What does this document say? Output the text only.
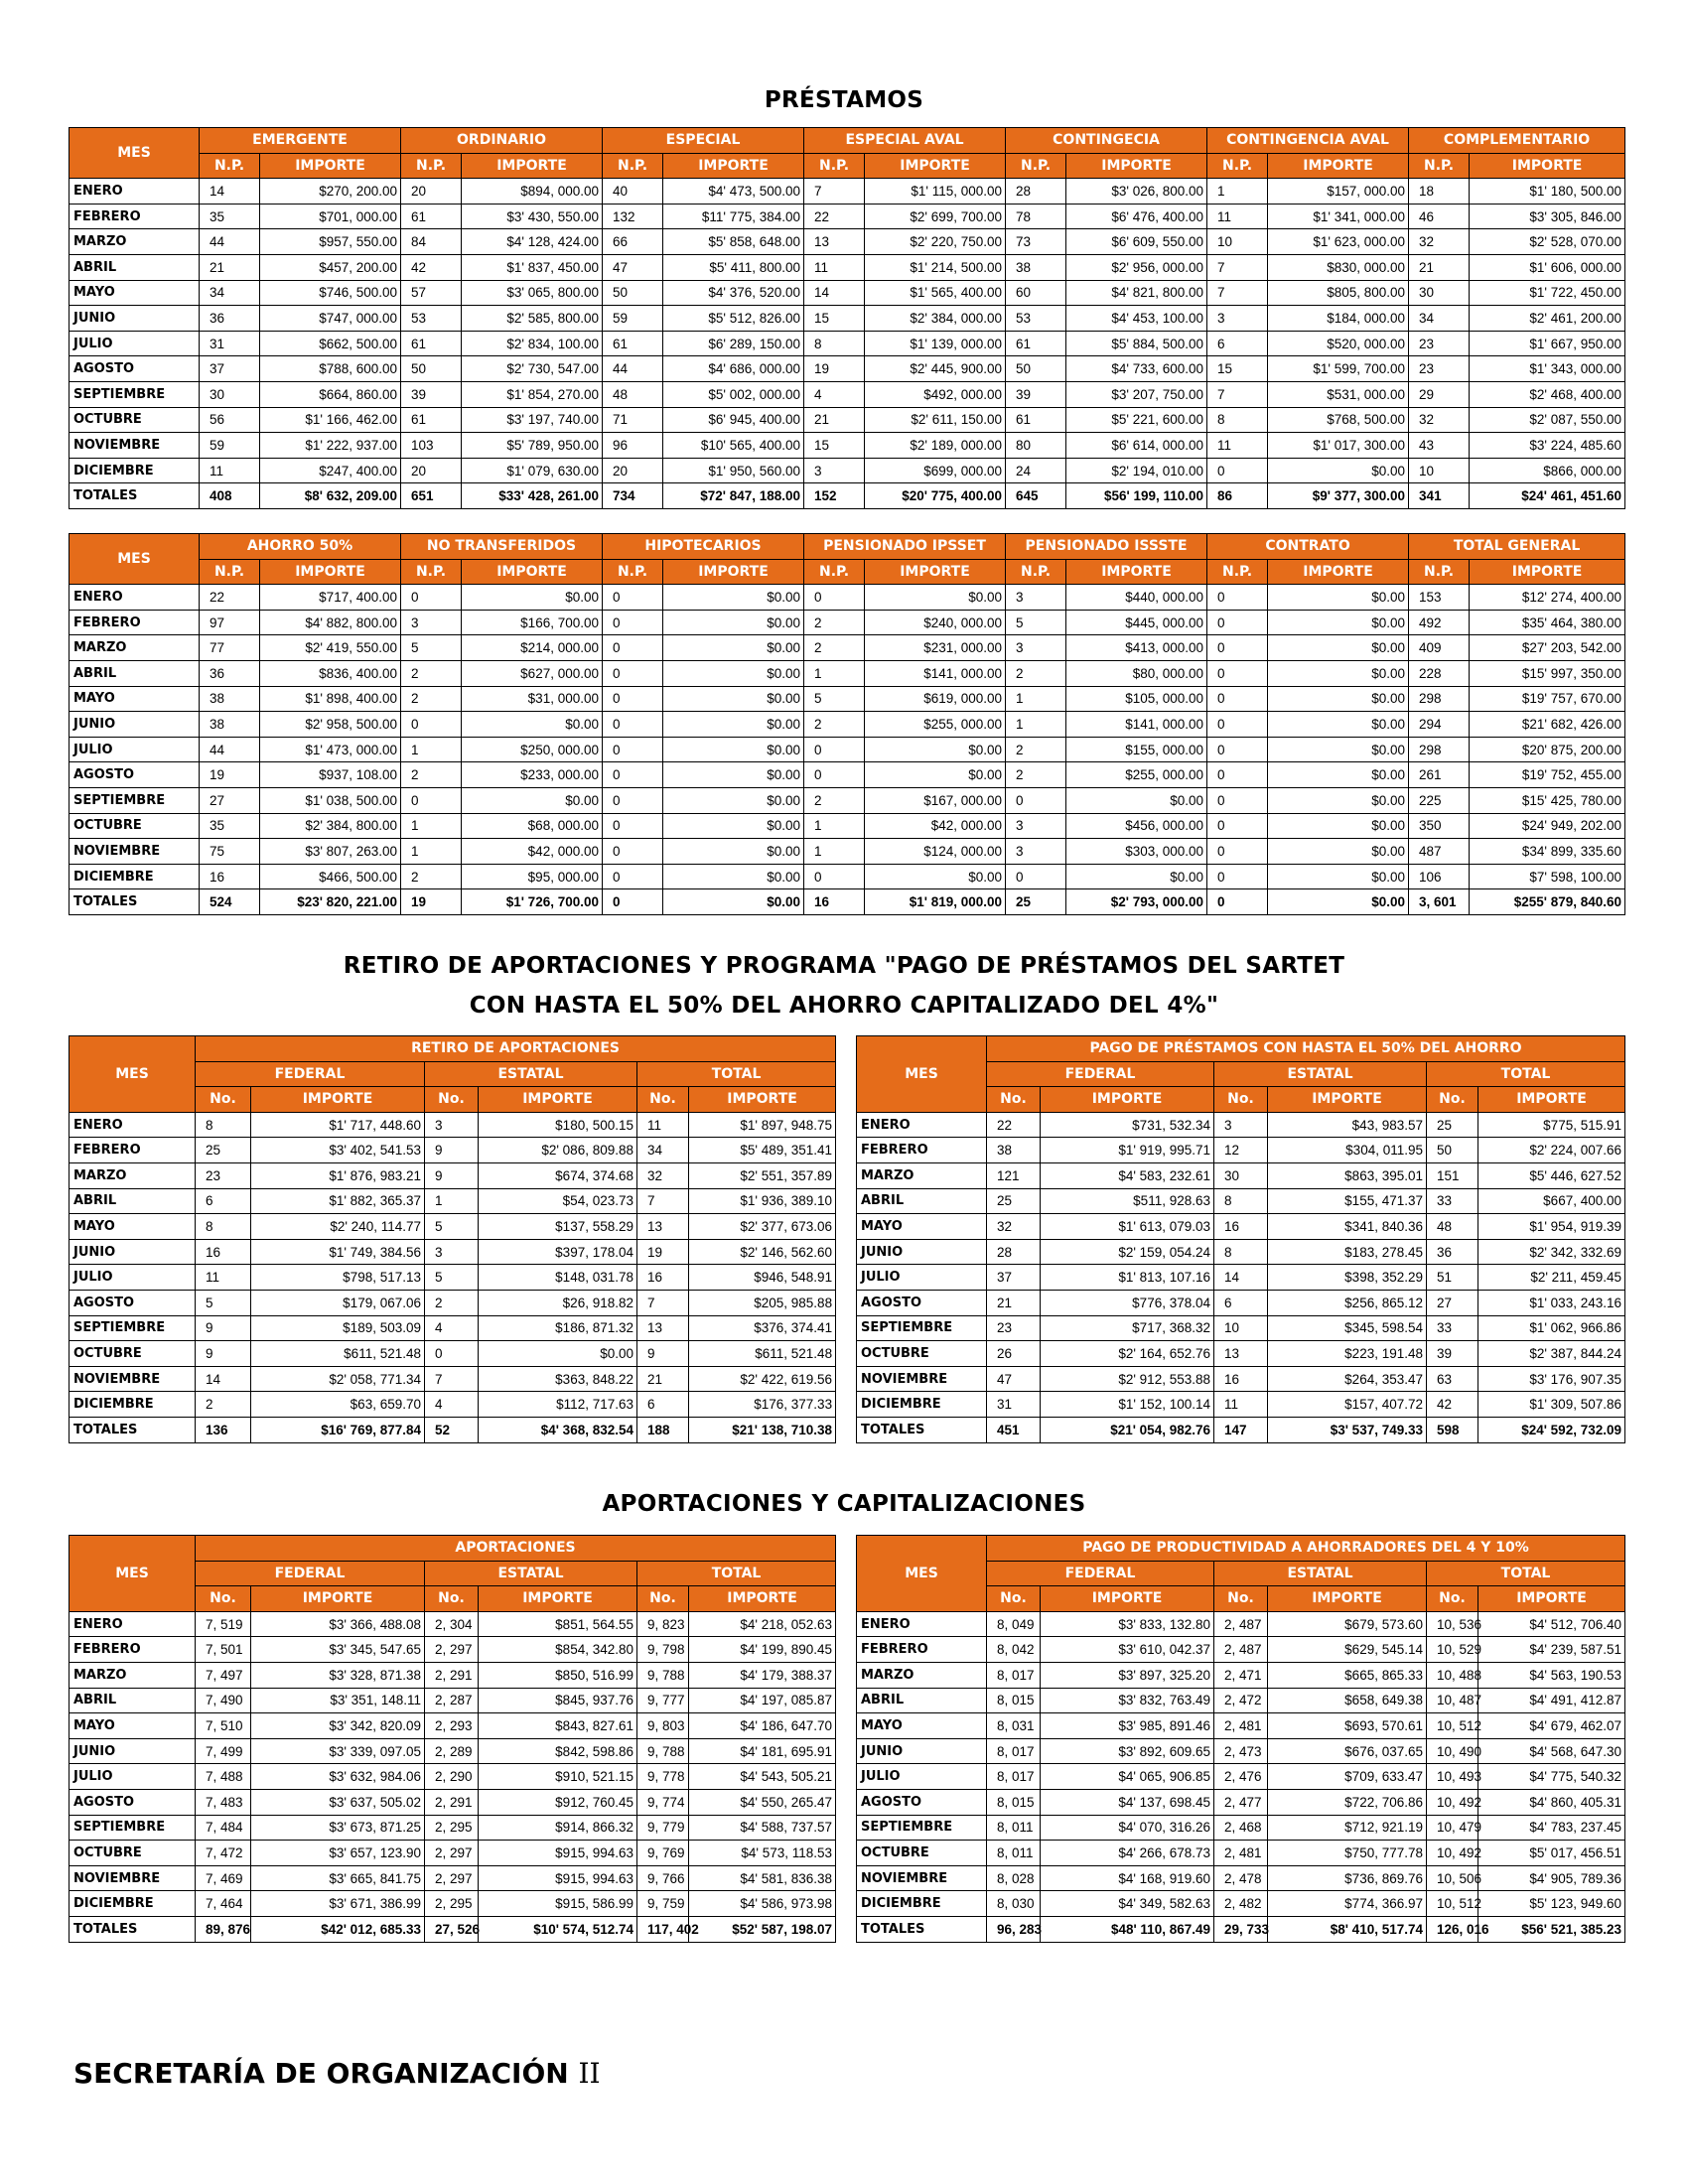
PRÉSTAMOS
MES	EMERGENTE		ORDINARIO		ESPECIAL		ESPECIAL AVAL		CONTINGECIA		CONTINGENCIA AVAL		COMPLEMENTARIO	
	N.P.	IMPORTE	N.P.	IMPORTE	N.P.	IMPORTE	N.P.	IMPORTE	N.P.	IMPORTE	N.P.	IMPORTE	N.P.	IMPORTE
ENERO	14	$270, 200.00	20	$894, 000.00	40	$4' 473, 500.00	7	$1' 115, 000.00	28	$3' 026, 800.00	1	$157, 000.00	18	$1' 180, 500.00
FEBRERO	35	$701, 000.00	61	$3' 430, 550.00	132	$11' 775, 384.00	22	$2' 699, 700.00	78	$6' 476, 400.00	11	$1' 341, 000.00	46	$3' 305, 846.00
MARZO	44	$957, 550.00	84	$4' 128, 424.00	66	$5' 858, 648.00	13	$2' 220, 750.00	73	$6' 609, 550.00	10	$1' 623, 000.00	32	$2' 528, 070.00
ABRIL	21	$457, 200.00	42	$1' 837, 450.00	47	$5' 411, 800.00	11	$1' 214, 500.00	38	$2' 956, 000.00	7	$830, 000.00	21	$1' 606, 000.00
MAYO	34	$746, 500.00	57	$3' 065, 800.00	50	$4' 376, 520.00	14	$1' 565, 400.00	60	$4' 821, 800.00	7	$805, 800.00	30	$1' 722, 450.00
JUNIO	36	$747, 000.00	53	$2' 585, 800.00	59	$5' 512, 826.00	15	$2' 384, 000.00	53	$4' 453, 100.00	3	$184, 000.00	34	$2' 461, 200.00
JULIO	31	$662, 500.00	61	$2' 834, 100.00	61	$6' 289, 150.00	8	$1' 139, 000.00	61	$5' 884, 500.00	6	$520, 000.00	23	$1' 667, 950.00
AGOSTO	37	$788, 600.00	50	$2' 730, 547.00	44	$4' 686, 000.00	19	$2' 445, 900.00	50	$4' 733, 600.00	15	$1' 599, 700.00	23	$1' 343, 000.00
SEPTIEMBRE	30	$664, 860.00	39	$1' 854, 270.00	48	$5' 002, 000.00	4	$492, 000.00	39	$3' 207, 750.00	7	$531, 000.00	29	$2' 468, 400.00
OCTUBRE	56	$1' 166, 462.00	61	$3' 197, 740.00	71	$6' 945, 400.00	21	$2' 611, 150.00	61	$5' 221, 600.00	8	$768, 500.00	32	$2' 087, 550.00
NOVIEMBRE	59	$1' 222, 937.00	103	$5' 789, 950.00	96	$10' 565, 400.00	15	$2' 189, 000.00	80	$6' 614, 000.00	11	$1' 017, 300.00	43	$3' 224, 485.60
DICIEMBRE	11	$247, 400.00	20	$1' 079, 630.00	20	$1' 950, 560.00	3	$699, 000.00	24	$2' 194, 010.00	0	$0.00	10	$866, 000.00
TOTALES	408	$8' 632, 209.00	651	$33' 428, 261.00	734	$72' 847, 188.00	152	$20' 775, 400.00	645	$56' 199, 110.00	86	$9' 377, 300.00	341	$24' 461, 451.60
MES	AHORRO 50%		NO TRANSFERIDOS		HIPOTECARIOS		PENSIONADO IPSSET		PENSIONADO ISSSTE		CONTRATO		TOTAL GENERAL	
	N.P.	IMPORTE	N.P.	IMPORTE	N.P.	IMPORTE	N.P.	IMPORTE	N.P.	IMPORTE	N.P.	IMPORTE	N.P.	IMPORTE
ENERO	22	$717, 400.00	0	$0.00	0	$0.00	0	$0.00	3	$440, 000.00	0	$0.00	153	$12' 274, 400.00
FEBRERO	97	$4' 882, 800.00	3	$166, 700.00	0	$0.00	2	$240, 000.00	5	$445, 000.00	0	$0.00	492	$35' 464, 380.00
MARZO	77	$2' 419, 550.00	5	$214, 000.00	0	$0.00	2	$231, 000.00	3	$413, 000.00	0	$0.00	409	$27' 203, 542.00
ABRIL	36	$836, 400.00	2	$627, 000.00	0	$0.00	1	$141, 000.00	2	$80, 000.00	0	$0.00	228	$15' 997, 350.00
MAYO	38	$1' 898, 400.00	2	$31, 000.00	0	$0.00	5	$619, 000.00	1	$105, 000.00	0	$0.00	298	$19' 757, 670.00
JUNIO	38	$2' 958, 500.00	0	$0.00	0	$0.00	2	$255, 000.00	1	$141, 000.00	0	$0.00	294	$21' 682, 426.00
JULIO	44	$1' 473, 000.00	1	$250, 000.00	0	$0.00	0	$0.00	2	$155, 000.00	0	$0.00	298	$20' 875, 200.00
AGOSTO	19	$937, 108.00	2	$233, 000.00	0	$0.00	0	$0.00	2	$255, 000.00	0	$0.00	261	$19' 752, 455.00
SEPTIEMBRE	27	$1' 038, 500.00	0	$0.00	0	$0.00	2	$167, 000.00	0	$0.00	0	$0.00	225	$15' 425, 780.00
OCTUBRE	35	$2' 384, 800.00	1	$68, 000.00	0	$0.00	1	$42, 000.00	3	$456, 000.00	0	$0.00	350	$24' 949, 202.00
NOVIEMBRE	75	$3' 807, 263.00	1	$42, 000.00	0	$0.00	1	$124, 000.00	3	$303, 000.00	0	$0.00	487	$34' 899, 335.60
DICIEMBRE	16	$466, 500.00	2	$95, 000.00	0	$0.00	0	$0.00	0	$0.00	0	$0.00	106	$7' 598, 100.00
TOTALES	524	$23' 820, 221.00	19	$1' 726, 700.00	0	$0.00	16	$1' 819, 000.00	25	$2' 793, 000.00	0	$0.00	3, 601	$255' 879, 840.60
RETIRO DE APORTACIONES Y PROGRAMA "PAGO DE PRÉSTAMOS DEL SARTET
CON HASTA EL 50% DEL AHORRO CAPITALIZADO DEL 4%"
MES	RETIRO DE APORTACIONES					
	FEDERAL		ESTATAL		TOTAL	
	No.	IMPORTE	No.	IMPORTE	No.	IMPORTE
ENERO	8	$1' 717, 448.60	3	$180, 500.15	11	$1' 897, 948.75
FEBRERO	25	$3' 402, 541.53	9	$2' 086, 809.88	34	$5' 489, 351.41
MARZO	23	$1' 876, 983.21	9	$674, 374.68	32	$2' 551, 357.89
ABRIL	6	$1' 882, 365.37	1	$54, 023.73	7	$1' 936, 389.10
MAYO	8	$2' 240, 114.77	5	$137, 558.29	13	$2' 377, 673.06
JUNIO	16	$1' 749, 384.56	3	$397, 178.04	19	$2' 146, 562.60
JULIO	11	$798, 517.13	5	$148, 031.78	16	$946, 548.91
AGOSTO	5	$179, 067.06	2	$26, 918.82	7	$205, 985.88
SEPTIEMBRE	9	$189, 503.09	4	$186, 871.32	13	$376, 374.41
OCTUBRE	9	$611, 521.48	0	$0.00	9	$611, 521.48
NOVIEMBRE	14	$2' 058, 771.34	7	$363, 848.22	21	$2' 422, 619.56
DICIEMBRE	2	$63, 659.70	4	$112, 717.63	6	$176, 377.33
TOTALES	136	$16' 769, 877.84	52	$4' 368, 832.54	188	$21' 138, 710.38
MES	PAGO DE PRÉSTAMOS CON HASTA EL 50% DEL AHORRO					
	FEDERAL		ESTATAL		TOTAL	
	No.	IMPORTE	No.	IMPORTE	No.	IMPORTE
ENERO	22	$731, 532.34	3	$43, 983.57	25	$775, 515.91
FEBRERO	38	$1' 919, 995.71	12	$304, 011.95	50	$2' 224, 007.66
MARZO	121	$4' 583, 232.61	30	$863, 395.01	151	$5' 446, 627.52
ABRIL	25	$511, 928.63	8	$155, 471.37	33	$667, 400.00
MAYO	32	$1' 613, 079.03	16	$341, 840.36	48	$1' 954, 919.39
JUNIO	28	$2' 159, 054.24	8	$183, 278.45	36	$2' 342, 332.69
JULIO	37	$1' 813, 107.16	14	$398, 352.29	51	$2' 211, 459.45
AGOSTO	21	$776, 378.04	6	$256, 865.12	27	$1' 033, 243.16
SEPTIEMBRE	23	$717, 368.32	10	$345, 598.54	33	$1' 062, 966.86
OCTUBRE	26	$2' 164, 652.76	13	$223, 191.48	39	$2' 387, 844.24
NOVIEMBRE	47	$2' 912, 553.88	16	$264, 353.47	63	$3' 176, 907.35
DICIEMBRE	31	$1' 152, 100.14	11	$157, 407.72	42	$1' 309, 507.86
TOTALES	451	$21' 054, 982.76	147	$3' 537, 749.33	598	$24' 592, 732.09
APORTACIONES Y CAPITALIZACIONES
MES	APORTACIONES					
	FEDERAL		ESTATAL		TOTAL	
	No.	IMPORTE	No.	IMPORTE	No.	IMPORTE
ENERO	7, 519	$3' 366, 488.08	2, 304	$851, 564.55	9, 823	$4' 218, 052.63
FEBRERO	7, 501	$3' 345, 547.65	2, 297	$854, 342.80	9, 798	$4' 199, 890.45
MARZO	7, 497	$3' 328, 871.38	2, 291	$850, 516.99	9, 788	$4' 179, 388.37
ABRIL	7, 490	$3' 351, 148.11	2, 287	$845, 937.76	9, 777	$4' 197, 085.87
MAYO	7, 510	$3' 342, 820.09	2, 293	$843, 827.61	9, 803	$4' 186, 647.70
JUNIO	7, 499	$3' 339, 097.05	2, 289	$842, 598.86	9, 788	$4' 181, 695.91
JULIO	7, 488	$3' 632, 984.06	2, 290	$910, 521.15	9, 778	$4' 543, 505.21
AGOSTO	7, 483	$3' 637, 505.02	2, 291	$912, 760.45	9, 774	$4' 550, 265.47
SEPTIEMBRE	7, 484	$3' 673, 871.25	2, 295	$914, 866.32	9, 779	$4' 588, 737.57
OCTUBRE	7, 472	$3' 657, 123.90	2, 297	$915, 994.63	9, 769	$4' 573, 118.53
NOVIEMBRE	7, 469	$3' 665, 841.75	2, 297	$915, 994.63	9, 766	$4' 581, 836.38
DICIEMBRE	7, 464	$3' 671, 386.99	2, 295	$915, 586.99	9, 759	$4' 586, 973.98
TOTALES	89, 876	$42' 012, 685.33	27, 526	$10' 574, 512.74	117, 402	$52' 587, 198.07
MES	PAGO DE PRODUCTIVIDAD A AHORRADORES DEL 4 Y 10%					
	FEDERAL		ESTATAL		TOTAL	
	No.	IMPORTE	No.	IMPORTE	No.	IMPORTE
ENERO	8, 049	$3' 833, 132.80	2, 487	$679, 573.60	10, 536	$4' 512, 706.40
FEBRERO	8, 042	$3' 610, 042.37	2, 487	$629, 545.14	10, 529	$4' 239, 587.51
MARZO	8, 017	$3' 897, 325.20	2, 471	$665, 865.33	10, 488	$4' 563, 190.53
ABRIL	8, 015	$3' 832, 763.49	2, 472	$658, 649.38	10, 487	$4' 491, 412.87
MAYO	8, 031	$3' 985, 891.46	2, 481	$693, 570.61	10, 512	$4' 679, 462.07
JUNIO	8, 017	$3' 892, 609.65	2, 473	$676, 037.65	10, 490	$4' 568, 647.30
JULIO	8, 017	$4' 065, 906.85	2, 476	$709, 633.47	10, 493	$4' 775, 540.32
AGOSTO	8, 015	$4' 137, 698.45	2, 477	$722, 706.86	10, 492	$4' 860, 405.31
SEPTIEMBRE	8, 011	$4' 070, 316.26	2, 468	$712, 921.19	10, 479	$4' 783, 237.45
OCTUBRE	8, 011	$4' 266, 678.73	2, 481	$750, 777.78	10, 492	$5' 017, 456.51
NOVIEMBRE	8, 028	$4' 168, 919.60	2, 478	$736, 869.76	10, 506	$4' 905, 789.36
DICIEMBRE	8, 030	$4' 349, 582.63	2, 482	$774, 366.97	10, 512	$5' 123, 949.60
TOTALES	96, 283	$48' 110, 867.49	29, 733	$8' 410, 517.74	126, 016	$56' 521, 385.23
SECRETARÍA DE ORGANIZACIÓN II
